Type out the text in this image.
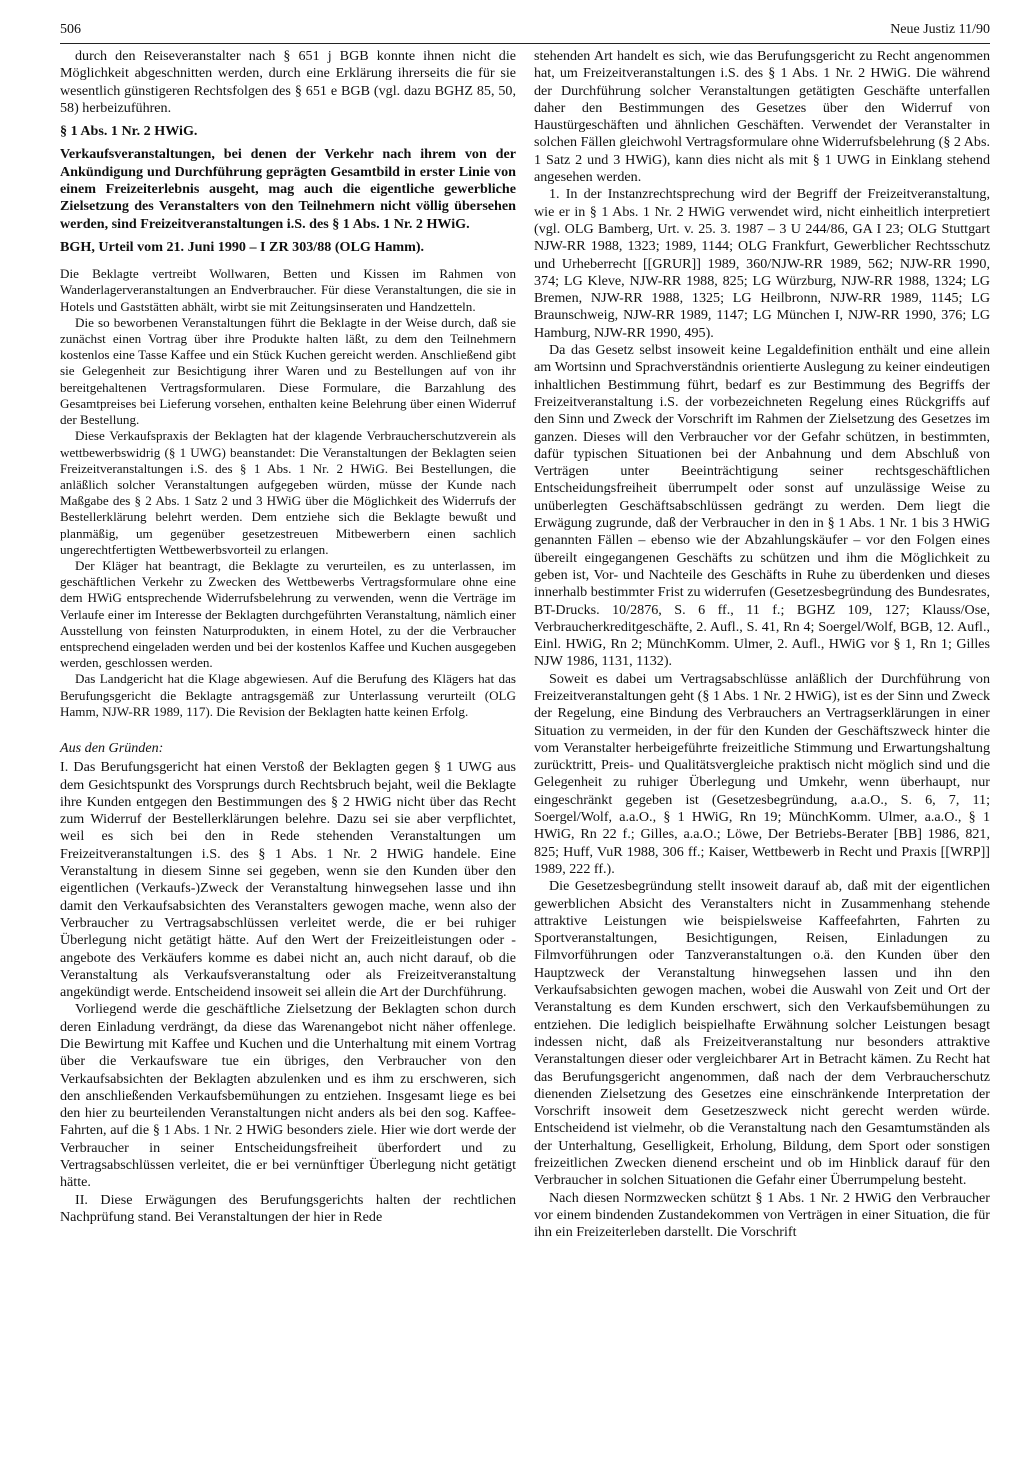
506	Neue Justiz 11/90

durch den Reiseveranstalter nach § 651 j BGB konnte ihnen nicht die Möglichkeit abgeschnitten werden, durch eine Erklärung ihrerseits die für sie wesentlich günstigeren Rechtsfolgen des § 651 e BGB (vgl. dazu BGHZ 85, 50, 58) herbeizuführen.

§ 1 Abs. 1 Nr. 2 HWiG.

Verkaufsveranstaltungen, bei denen der Verkehr nach ihrem von der Ankündigung und Durchführung geprägten Gesamtbild in erster Linie von einem Freizeiterlebnis ausgeht, mag auch die eigentliche gewerbliche Zielsetzung des Veranstalters von den Teilnehmern nicht völlig übersehen werden, sind Freizeitveranstaltungen i.S. des § 1 Abs. 1 Nr. 2 HWiG.

BGH, Urteil vom 21. Juni 1990 – I ZR 303/88 (OLG Hamm).

Die Beklagte vertreibt Wollwaren, Betten und Kissen im Rahmen von Wanderlagerveranstaltungen an Endverbraucher. Für diese Veranstaltungen, die sie in Hotels und Gaststätten abhält, wirbt sie mit Zeitungsinseraten und Handzetteln.

Die so beworbenen Veranstaltungen führt die Beklagte in der Weise durch, daß sie zunächst einen Vortrag über ihre Produkte halten läßt, zu dem den Teilnehmern kostenlos eine Tasse Kaffee und ein Stück Kuchen gereicht werden. Anschließend gibt sie Gelegenheit zur Besichtigung ihrer Waren und zu Bestellungen auf von ihr bereitgehaltenen Vertragsformularen. Diese Formulare, die Barzahlung des Gesamtpreises bei Lieferung vorsehen, enthalten keine Belehrung über einen Widerruf der Bestellung.

Diese Verkaufspraxis der Beklagten hat der klagende Verbraucherschutzverein als wettbewerbswidrig (§ 1 UWG) beanstandet: Die Veranstaltungen der Beklagten seien Freizeitveranstaltungen i.S. des § 1 Abs. 1 Nr. 2 HWiG. Bei Bestellungen, die anläßlich solcher Veranstaltungen aufgegeben würden, müsse der Kunde nach Maßgabe des § 2 Abs. 1 Satz 2 und 3 HWiG über die Möglichkeit des Widerrufs der Bestellerklärung belehrt werden. Dem entziehe sich die Beklagte bewußt und planmäßig, um gegenüber gesetzestreuen Mitbewerbern einen sachlich ungerechtfertigten Wettbewerbsvorteil zu erlangen.

Der Kläger hat beantragt, die Beklagte zu verurteilen, es zu unterlassen, im geschäftlichen Verkehr zu Zwecken des Wettbewerbs Vertragsformulare ohne eine dem HWiG entsprechende Widerrufsbelehrung zu verwenden, wenn die Verträge im Verlaufe einer im Interesse der Beklagten durchgeführten Veranstaltung, nämlich einer Ausstellung von feinsten Naturprodukten, in einem Hotel, zu der die Verbraucher entsprechend eingeladen werden und bei der kostenlos Kaffee und Kuchen ausgegeben werden, geschlossen werden.

Das Landgericht hat die Klage abgewiesen. Auf die Berufung des Klägers hat das Berufungsgericht die Beklagte antragsgemäß zur Unterlassung verurteilt (OLG Hamm, NJW-RR 1989, 117). Die Revision der Beklagten hatte keinen Erfolg.

Aus den Gründen:

I. Das Berufungsgericht hat einen Verstoß der Beklagten gegen § 1 UWG aus dem Gesichtspunkt des Vorsprungs durch Rechtsbruch bejaht, weil die Beklagte ihre Kunden entgegen den Bestimmungen des § 2 HWiG nicht über das Recht zum Widerruf der Bestellerklärungen belehre. Dazu sei sie aber verpflichtet, weil es sich bei den in Rede stehenden Veranstaltungen um Freizeitveranstaltungen i.S. des § 1 Abs. 1 Nr. 2 HWiG handele. Eine Veranstaltung in diesem Sinne sei gegeben, wenn sie den Kunden über den eigentlichen (Verkaufs-)Zweck der Veranstaltung hinwegsehen lasse und ihn damit den Verkaufsabsichten des Veranstalters gewogen mache, wenn also der Verbraucher zu Vertragsabschlüssen verleitet werde, die er bei ruhiger Überlegung nicht getätigt hätte. Auf den Wert der Freizeitleistungen oder -angebote des Verkäufers komme es dabei nicht an, auch nicht darauf, ob die Veranstaltung als Verkaufsveranstaltung oder als Freizeitveranstaltung angekündigt werde. Entscheidend insoweit sei allein die Art der Durchführung.

Vorliegend werde die geschäftliche Zielsetzung der Beklagten schon durch deren Einladung verdrängt, da diese das Warenangebot nicht näher offenlege. Die Bewirtung mit Kaffee und Kuchen und die Unterhaltung mit einem Vortrag über die Verkaufsware tue ein übriges, den Verbraucher von den Verkaufsabsichten der Beklagten abzulenken und es ihm zu erschweren, sich den anschließenden Verkaufsbemühungen zu entziehen. Insgesamt liege es bei den hier zu beurteilenden Veranstaltungen nicht anders als bei den sog. Kaffee-Fahrten, auf die § 1 Abs. 1 Nr. 2 HWiG besonders ziele. Hier wie dort werde der Verbraucher in seiner Entscheidungsfreiheit überfordert und zu Vertragsabschlüssen verleitet, die er bei vernünftiger Überlegung nicht getätigt hätte.

II. Diese Erwägungen des Berufungsgerichts halten der rechtlichen Nachprüfung stand. Bei Veranstaltungen der hier in Rede

stehenden Art handelt es sich, wie das Berufungsgericht zu Recht angenommen hat, um Freizeitveranstaltungen i.S. des § 1 Abs. 1 Nr. 2 HWiG. Die während der Durchführung solcher Veranstaltungen getätigten Geschäfte unterfallen daher den Bestimmungen des Gesetzes über den Widerruf von Haustürgeschäften und ähnlichen Geschäften. Verwendet der Veranstalter in solchen Fällen gleichwohl Vertragsformulare ohne Widerrufsbelehrung (§ 2 Abs. 1 Satz 2 und 3 HWiG), kann dies nicht als mit § 1 UWG in Einklang stehend angesehen werden.

1. In der Instanzrechtsprechung wird der Begriff der Freizeitveranstaltung, wie er in § 1 Abs. 1 Nr. 2 HWiG verwendet wird, nicht einheitlich interpretiert (vgl. OLG Bamberg, Urt. v. 25. 3. 1987 – 3 U 244/86, GA I 23; OLG Stuttgart NJW-RR 1988, 1323; 1989, 1144; OLG Frankfurt, Gewerblicher Rechtsschutz und Urheberrecht [[GRUR]] 1989, 360/NJW-RR 1989, 562; NJW-RR 1990, 374; LG Kleve, NJW-RR 1988, 825; LG Würzburg, NJW-RR 1988, 1324; LG Bremen, NJW-RR 1988, 1325; LG Heilbronn, NJW-RR 1989, 1145; LG Braunschweig, NJW-RR 1989, 1147; LG München I, NJW-RR 1990, 376; LG Hamburg, NJW-RR 1990, 495).

Da das Gesetz selbst insoweit keine Legaldefinition enthält und eine allein am Wortsinn und Sprachverständnis orientierte Auslegung zu keiner eindeutigen inhaltlichen Bestimmung führt, bedarf es zur Bestimmung des Begriffs der Freizeitveranstaltung i.S. der vorbezeichneten Regelung eines Rückgriffs auf den Sinn und Zweck der Vorschrift im Rahmen der Zielsetzung des Gesetzes im ganzen. Dieses will den Verbraucher vor der Gefahr schützen, in bestimmten, dafür typischen Situationen bei der Anbahnung und dem Abschluß von Verträgen unter Beeinträchtigung seiner rechtsgeschäftlichen Entscheidungsfreiheit überrumpelt oder sonst auf unzulässige Weise zu unüberlegten Geschäftsabschlüssen gedrängt zu werden. Dem liegt die Erwägung zugrunde, daß der Verbraucher in den in § 1 Abs. 1 Nr. 1 bis 3 HWiG genannten Fällen – ebenso wie der Abzahlungskäufer – vor den Folgen eines übereilt eingegangenen Geschäfts zu schützen und ihm die Möglichkeit zu geben ist, Vor- und Nachteile des Geschäfts in Ruhe zu überdenken und dieses innerhalb bestimmter Frist zu widerrufen (Gesetzesbegründung des Bundesrates, BT-Drucks. 10/2876, S. 6 ff., 11 f.; BGHZ 109, 127; Klauss/Ose, Verbraucherkreditgeschäfte, 2. Aufl., S. 41, Rn 4; Soergel/Wolf, BGB, 12. Aufl., Einl. HWiG, Rn 2; MünchKomm. Ulmer, 2. Aufl., HWiG vor § 1, Rn 1; Gilles NJW 1986, 1131, 1132).

Soweit es dabei um Vertragsabschlüsse anläßlich der Durchführung von Freizeitveranstaltungen geht (§ 1 Abs. 1 Nr. 2 HWiG), ist es der Sinn und Zweck der Regelung, eine Bindung des Verbrauchers an Vertragserklärungen in einer Situation zu vermeiden, in der für den Kunden der Geschäftszweck hinter die vom Veranstalter herbeigeführte freizeitliche Stimmung und Erwartungshaltung zurücktritt, Preis- und Qualitätsvergleiche praktisch nicht möglich sind und die Gelegenheit zu ruhiger Überlegung und Umkehr, wenn überhaupt, nur eingeschränkt gegeben ist (Gesetzesbegründung, a.a.O., S. 6, 7, 11; Soergel/Wolf, a.a.O., § 1 HWiG, Rn 19; MünchKomm. Ulmer, a.a.O., § 1 HWiG, Rn 22 f.; Gilles, a.a.O.; Löwe, Der Betriebs-Berater [BB] 1986, 821, 825; Huff, VuR 1988, 306 ff.; Kaiser, Wettbewerb in Recht und Praxis [[WRP]] 1989, 222 ff.).

Die Gesetzesbegründung stellt insoweit darauf ab, daß mit der eigentlichen gewerblichen Absicht des Veranstalters nicht in Zusammenhang stehende attraktive Leistungen wie beispielsweise Kaffeefahrten, Fahrten zu Sportveranstaltungen, Besichtigungen, Reisen, Einladungen zu Filmvorführungen oder Tanzveranstaltungen o.ä. den Kunden über den Hauptzweck der Veranstaltung hinwegsehen lassen und ihn den Verkaufsabsichten gewogen machen, wobei die Auswahl von Zeit und Ort der Veranstaltung es dem Kunden erschwert, sich den Verkaufsbemühungen zu entziehen. Die lediglich beispielhafte Erwähnung solcher Leistungen besagt indessen nicht, daß als Freizeitveranstaltung nur besonders attraktive Veranstaltungen dieser oder vergleichbarer Art in Betracht kämen. Zu Recht hat das Berufungsgericht angenommen, daß nach der dem Verbraucherschutz dienenden Zielsetzung des Gesetzes eine einschränkende Interpretation der Vorschrift insoweit dem Gesetzeszweck nicht gerecht werden würde. Entscheidend ist vielmehr, ob die Veranstaltung nach den Gesamtumständen als der Unterhaltung, Geselligkeit, Erholung, Bildung, dem Sport oder sonstigen freizeitlichen Zwecken dienend erscheint und ob im Hinblick darauf für den Verbraucher in solchen Situationen die Gefahr einer Überrumpelung besteht.

Nach diesen Normzwecken schützt § 1 Abs. 1 Nr. 2 HWiG den Verbraucher vor einem bindenden Zustandekommen von Verträgen in einer Situation, die für ihn ein Freizeiterleben darstellt. Die Vorschrift
